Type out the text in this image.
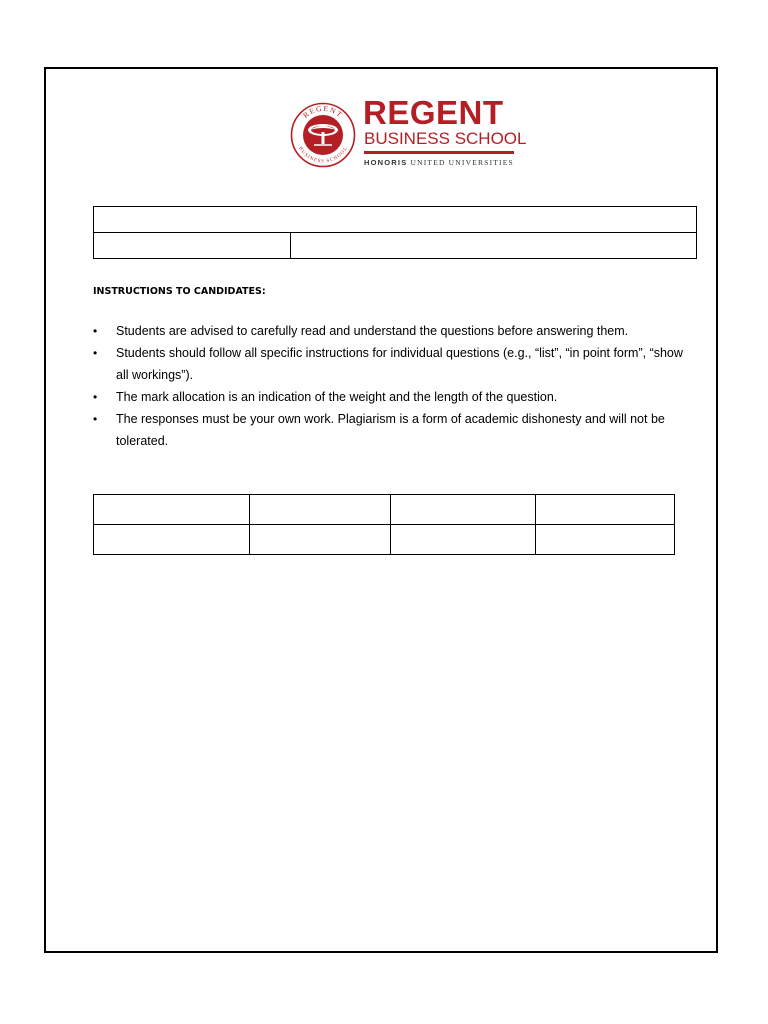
REGENT
BUSINESS SCHOOL
REGENT
BUSINESS SCHOOL
HONORIS UNITED UNIVERSITIES

INSTRUCTIONS TO CANDIDATES:
• Students are advised to carefully read and understand the questions before answering them.
• Students should follow all specific instructions for individual questions (e.g., “list”, “in point form”, “show all workings”).
• The mark allocation is an indication of the weight and the length of the question.
• The responses must be your own work. Plagiarism is a form of academic dishonesty and will not be tolerated.
